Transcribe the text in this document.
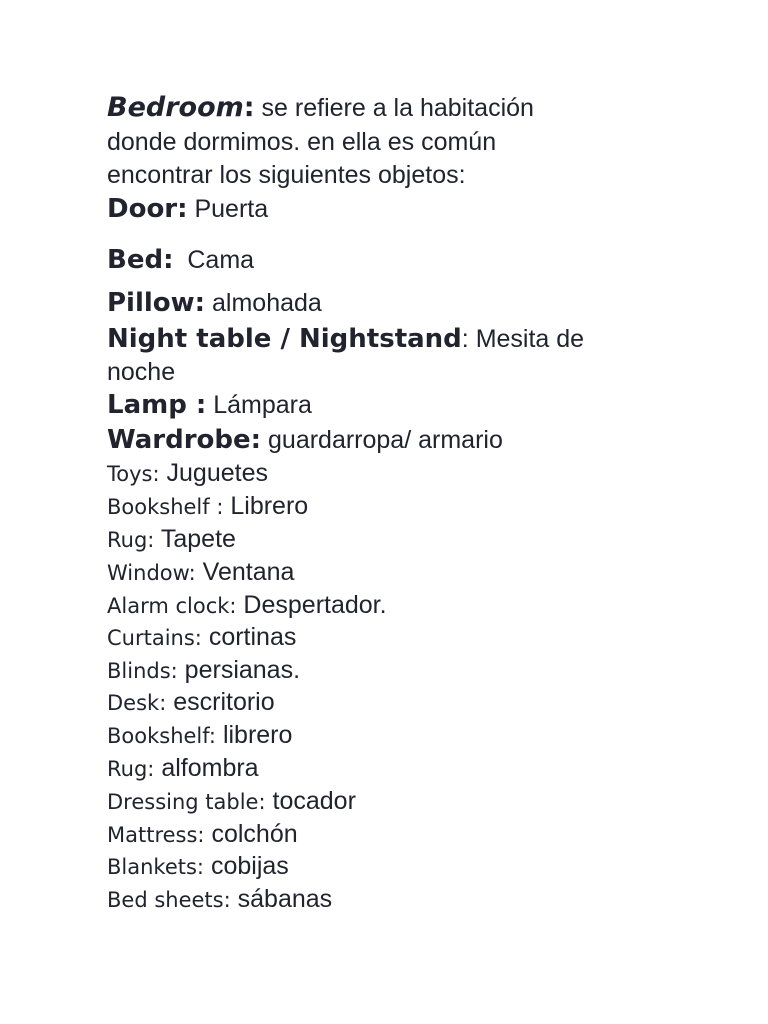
Bedroom: se refiere a la habitación
donde dormimos. en ella es común
encontrar los siguientes objetos:
Door: Puerta
Bed:  Cama
Pillow: almohada
Night table / Nightstand: Mesita de
noche
Lamp : Lámpara
Wardrobe: guardarropa/ armario
Toys: Juguetes
Bookshelf : Librero
Rug: Tapete
Window: Ventana
Alarm clock: Despertador.
Curtains: cortinas
Blinds: persianas.
Desk: escritorio
Bookshelf: librero
Rug: alfombra
Dressing table: tocador
Mattress: colchón
Blankets: cobijas
Bed sheets: sábanas
